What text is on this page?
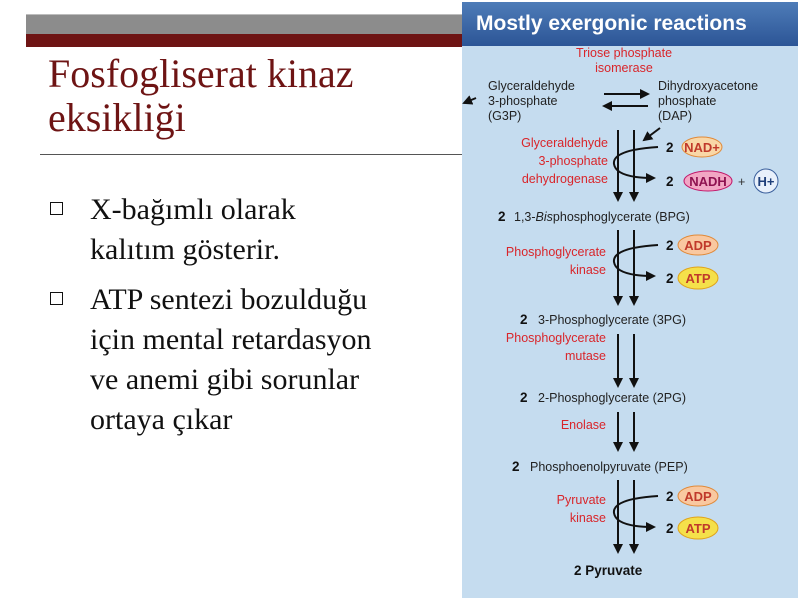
Fosfogliserat kinaz
eksikliği
X-bağımlı olarak
kalıtım gösterir.
ATP sentezi bozulduğu
için mental retardasyon
ve anemi gibi sorunlar
ortaya çıkar
Mostly exergonic reactions
Triose phosphate
isomerase
Glyceraldehyde
3-phosphate
(G3P)
Dihydroxyacetone
phosphate
(DAP)
Glyceraldehyde
3-phosphate
dehydrogenase
2 NAD+
2 NADH + H+
2 1,3-Bisphosphoglycerate (BPG)
Phosphoglycerate
kinase
2 ADP
2 ATP
2 3-Phosphoglycerate (3PG)
Phosphoglycerate
mutase
2 2-Phosphoglycerate (2PG)
Enolase
2 Phosphoenolpyruvate (PEP)
Pyruvate
kinase
2 ADP
2 ATP
2 Pyruvate
